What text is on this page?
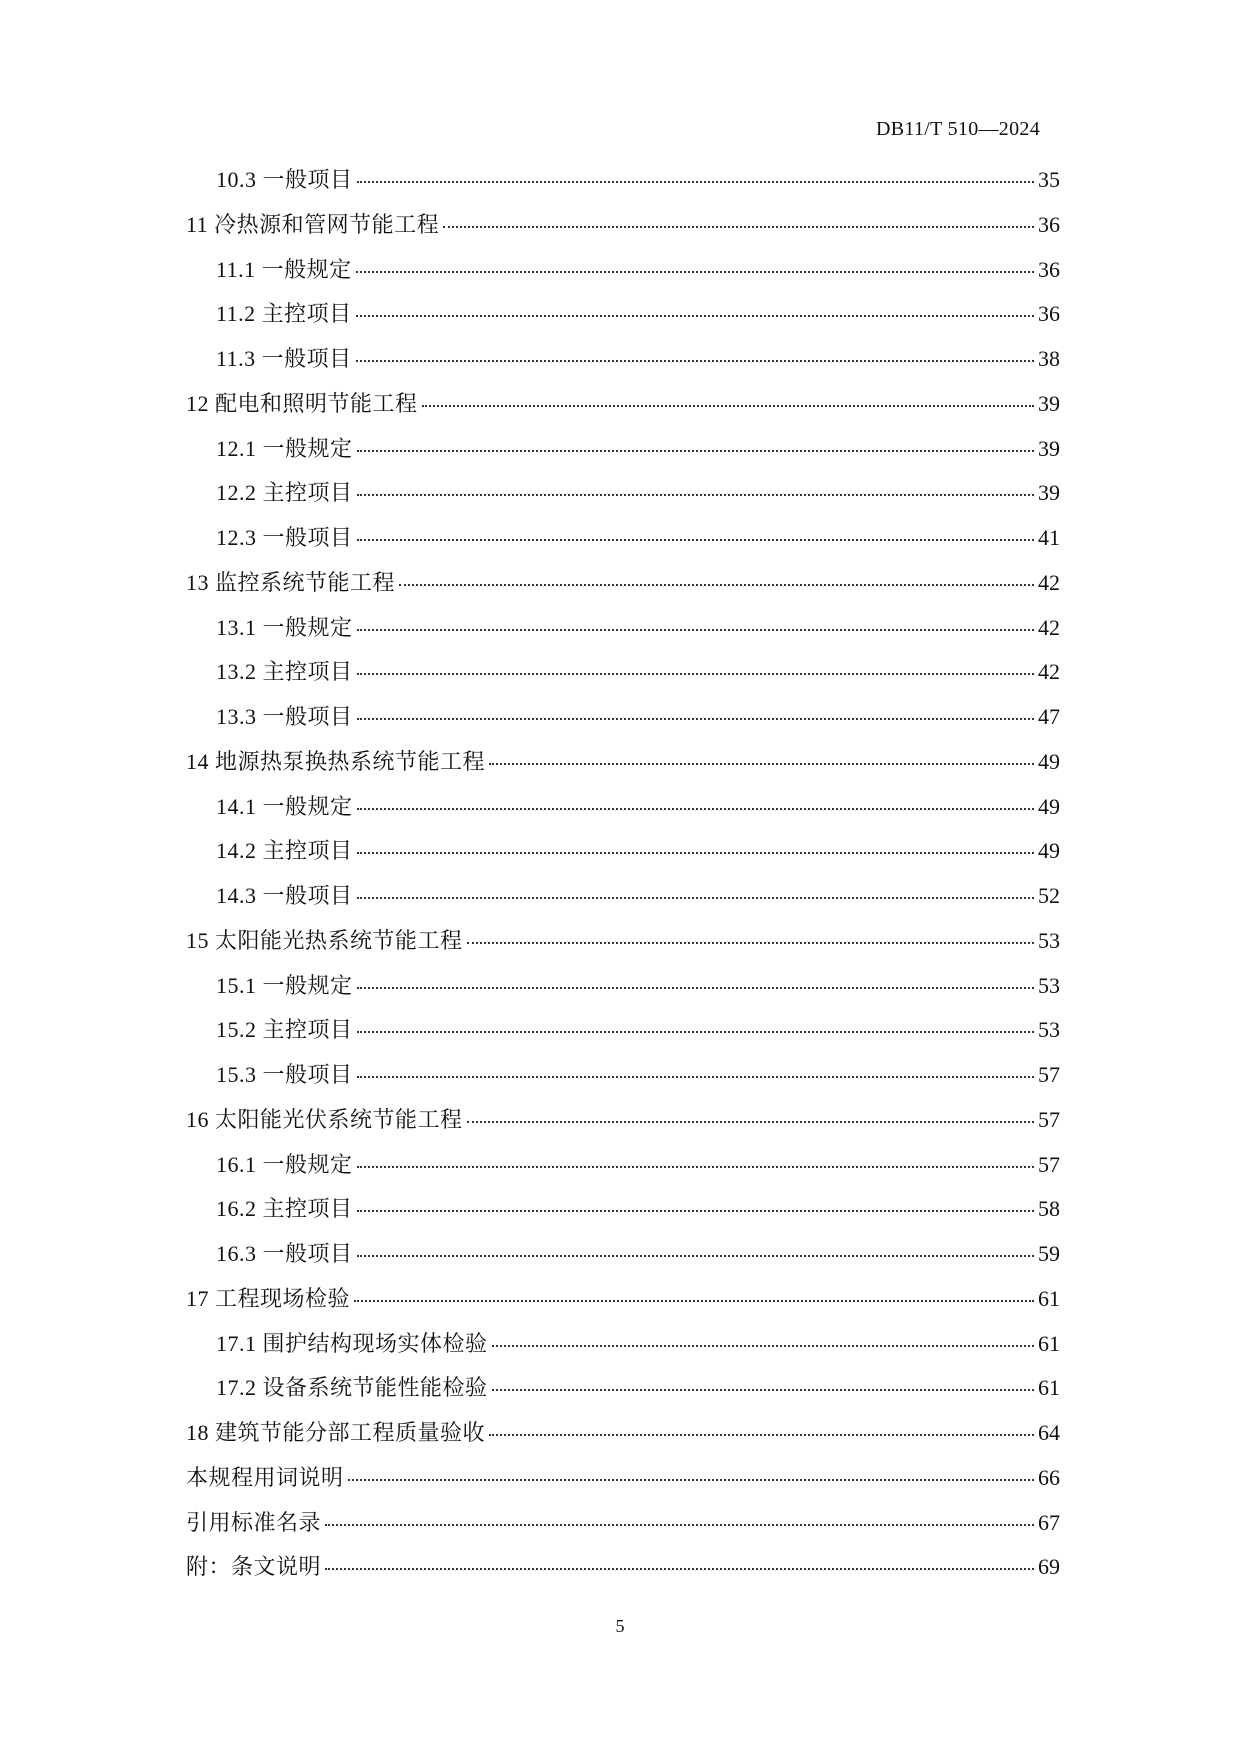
DB11/T 510—2024
10.3 一般项目	35
11 冷热源和管网节能工程	36
11.1 一般规定	36
11.2 主控项目	36
11.3 一般项目	38
12 配电和照明节能工程	39
12.1 一般规定	39
12.2 主控项目	39
12.3 一般项目	41
13 监控系统节能工程	42
13.1 一般规定	42
13.2 主控项目	42
13.3 一般项目	47
14 地源热泵换热系统节能工程	49
14.1 一般规定	49
14.2 主控项目	49
14.3 一般项目	52
15 太阳能光热系统节能工程	53
15.1 一般规定	53
15.2 主控项目	53
15.3 一般项目	57
16 太阳能光伏系统节能工程	57
16.1 一般规定	57
16.2 主控项目	58
16.3 一般项目	59
17 工程现场检验	61
17.1 围护结构现场实体检验	61
17.2 设备系统节能性能检验	61
18 建筑节能分部工程质量验收	64
本规程用词说明	66
引用标准名录	67
附：条文说明	69
5
